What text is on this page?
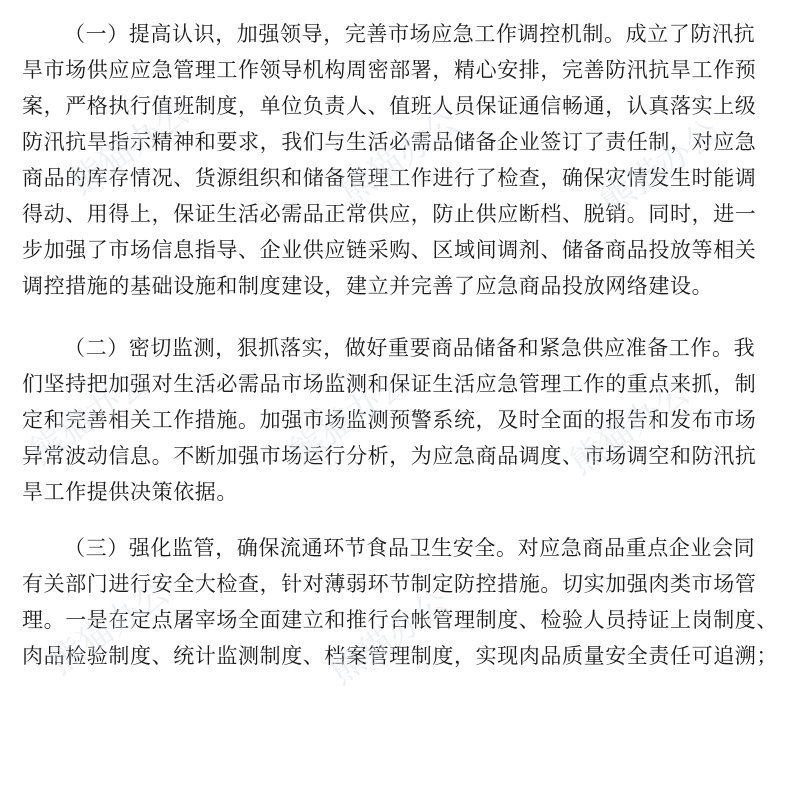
（一）提高认识，加强领导，完善市场应急工作调控机制。成立了防汛抗
旱市场供应应急管理工作领导机构周密部署，精心安排，完善防汛抗旱工作预
案，严格执行值班制度，单位负责人、值班人员保证通信畅通，认真落实上级
防汛抗旱指示精神和要求，我们与生活必需品储备企业签订了责任制，对应急
商品的库存情况、货源组织和储备管理工作进行了检查，确保灾情发生时能调
得动、用得上，保证生活必需品正常供应，防止供应断档、脱销。同时，进一
步加强了市场信息指导、企业供应链采购、区域间调剂、储备商品投放等相关
调控措施的基础设施和制度建设，建立并完善了应急商品投放网络建设。
（二）密切监测，狠抓落实，做好重要商品储备和紧急供应准备工作。我
们坚持把加强对生活必需品市场监测和保证生活应急管理工作的重点来抓，制
定和完善相关工作措施。加强市场监测预警系统，及时全面的报告和发布市场
异常波动信息。不断加强市场运行分析，为应急商品调度、市场调空和防汛抗
旱工作提供决策依据。
（三）强化监管，确保流通环节食品卫生安全。对应急商品重点企业会同
有关部门进行安全大检查，针对薄弱环节制定防控措施。切实加强肉类市场管
理。一是在定点屠宰场全面建立和推行台帐管理制度、检验人员持证上岗制度、
肉品检验制度、统计监测制度、档案管理制度，实现肉品质量安全责任可追溯；
熊猫办公	熊猫办公	熊猫办公
熊猫办公	熊猫办公	熊猫办公
熊猫办公	熊猫办公
